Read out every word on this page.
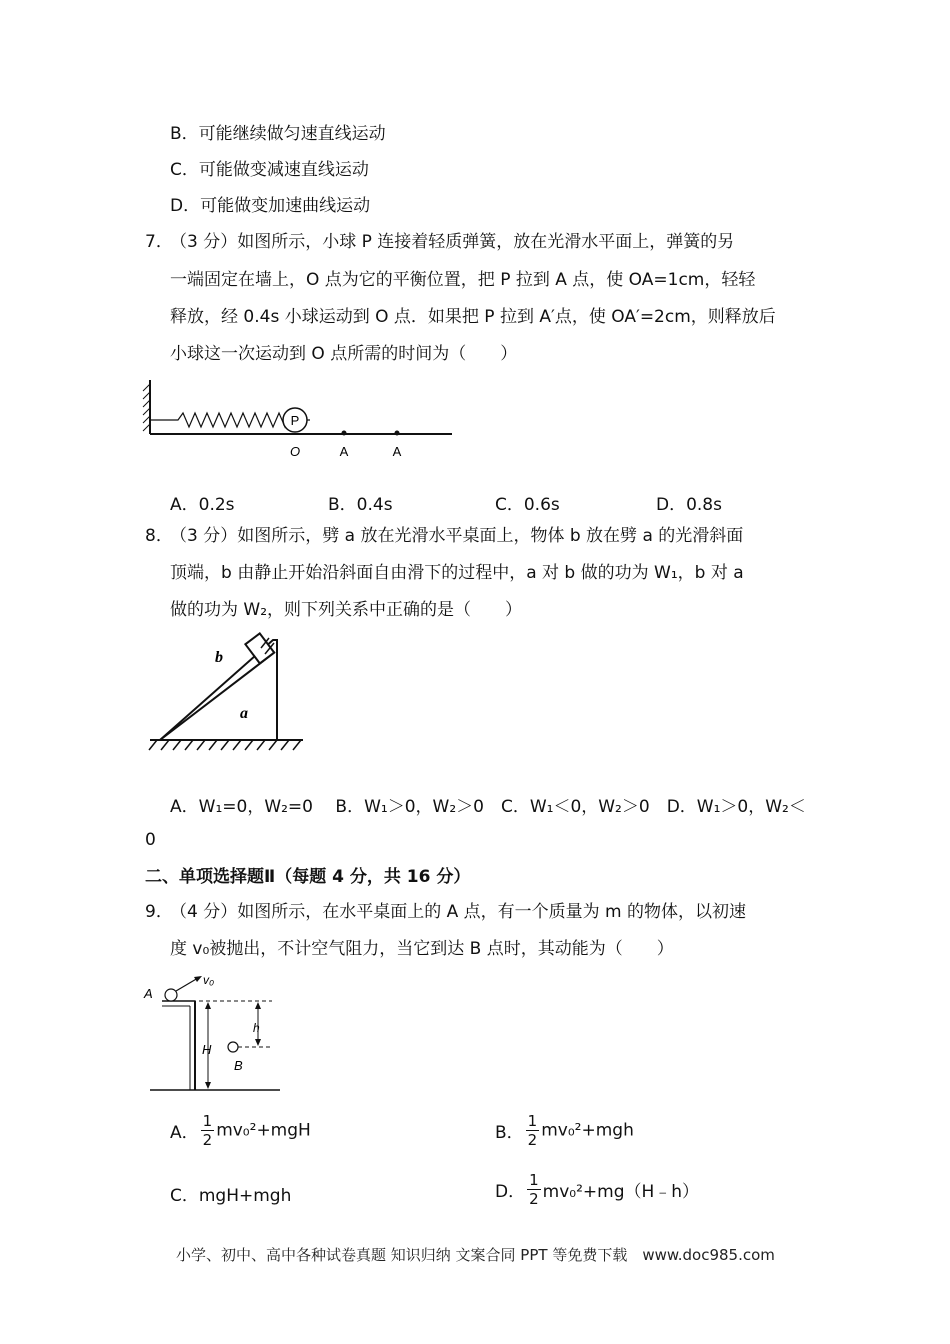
B．可能继续做匀速直线运动
C．可能做变减速直线运动
D．可能做变加速曲线运动
7．
（3 分）如图所示，小球 P 连接着轻质弹簧，放在光滑水平面上，弹簧的另
一端固定在墙上，O 点为它的平衡位置，把 P 拉到 A 点，使 OA=1cm，轻轻
释放，经 0.4s 小球运动到 O 点．如果把 P 拉到 A′点，使 OA′=2cm，则释放后
小球这一次运动到 O 点所需的时间为（　　）
P
O	A	A
A．0.2s	B．0.4s	C．0.6s	D．0.8s
8．
（3 分）如图所示，劈 a 放在光滑水平桌面上，物体 b 放在劈 a 的光滑斜面
顶端，b 由静止开始沿斜面自由滑下的过程中，a 对 b 做的功为 W₁，b 对 a
做的功为 W₂，则下列关系中正确的是（　　）
b
a
A．W₁=0，W₂=0　 B．W₁＞0，W₂＞0　C．W₁＜0，W₂＞0　D．W₁＞0，W₂＜
0
二、单项选择题Ⅱ（每题 4 分，共 16 分）
9．
（4 分）如图所示，在水平桌面上的 A 点，有一个质量为 m 的物体，以初速
度 v₀被抛出，不计空气阻力，当它到达 B 点时，其动能为（　　）
A
v₀
h
H
B
A． $\frac{1}{2} mv_0^2+mgH$	B． $\frac{1}{2} mv_0^2+mgh$
C．mgH+mgh	D． $\frac{1}{2}$ mv₀²+mg（H﹣h）
小学、初中、高中各种试卷真题 知识归纳 文案合同 PPT 等免费下载　www.doc985.com
